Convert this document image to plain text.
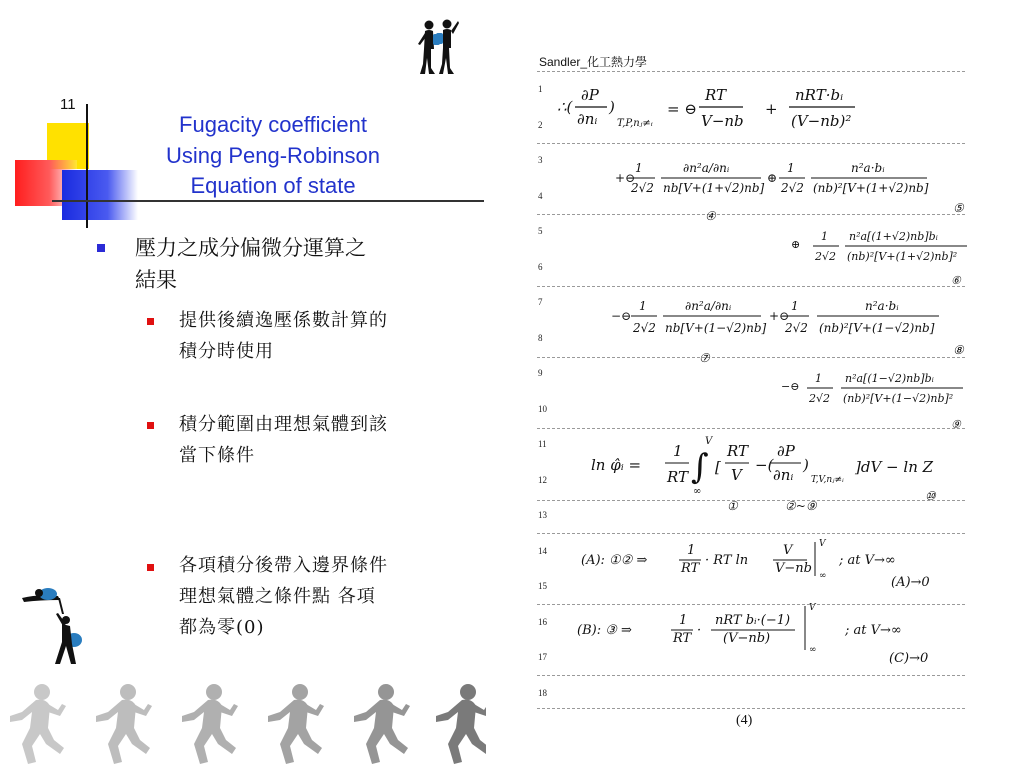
11
Fugacity coefficient
Using Peng-Robinson
Equation of state
壓力之成分偏微分運算之
結果
提供後續逸壓係數計算的
積分時使用
積分範圍由理想氣體到該
當下條件
各項積分後帶入邊界條件
理想氣體之條件點 各項
都為零(0)
Sandler_化工熱力學
1
2
3
4
5
6
7
8
9
10
11
12
13
14
15
16
17
18
∴(
∂P
∂nᵢ
)
T,P,nⱼ≠ᵢ
= ⊖
RT
V−nb
+
nRT·bᵢ
(V−nb)²
+⊖
1
2√2
∂n²a/∂nᵢ
nb[V+(1+√2)nb]
⊕
1
2√2
n²a·bᵢ
(nb)²[V+(1+√2)nb]
⑤
④
⊕
1
2√2
n²a[(1+√2)nb]bᵢ
(nb)²[V+(1+√2)nb]²
⑥
−⊖
1
2√2
∂n²a/∂nᵢ
nb[V+(1−√2)nb]
+⊖
1
2√2
n²a·bᵢ
(nb)²[V+(1−√2)nb]
⑧
⑦
−⊖
1
2√2
n²a[(1−√2)nb]bᵢ
(nb)²[V+(1−√2)nb]²
⑨
ln φ̂ᵢ =
1
RT ∫
V
∞
[
RT
V
−(
∂P
∂nᵢ
)
T,V,nⱼ≠ᵢ
]dV − ln Z
①	②~⑨
⑩
(A): ①② ⇒
1
RT
· RT ln
V
V−nb
V
∞
; at V→∞
(A)→0
(B): ③ ⇒
1
RT
·
nRT bᵢ·(−1)
(V−nb)
V
∞
; at V→∞
(C)→0
(4)
